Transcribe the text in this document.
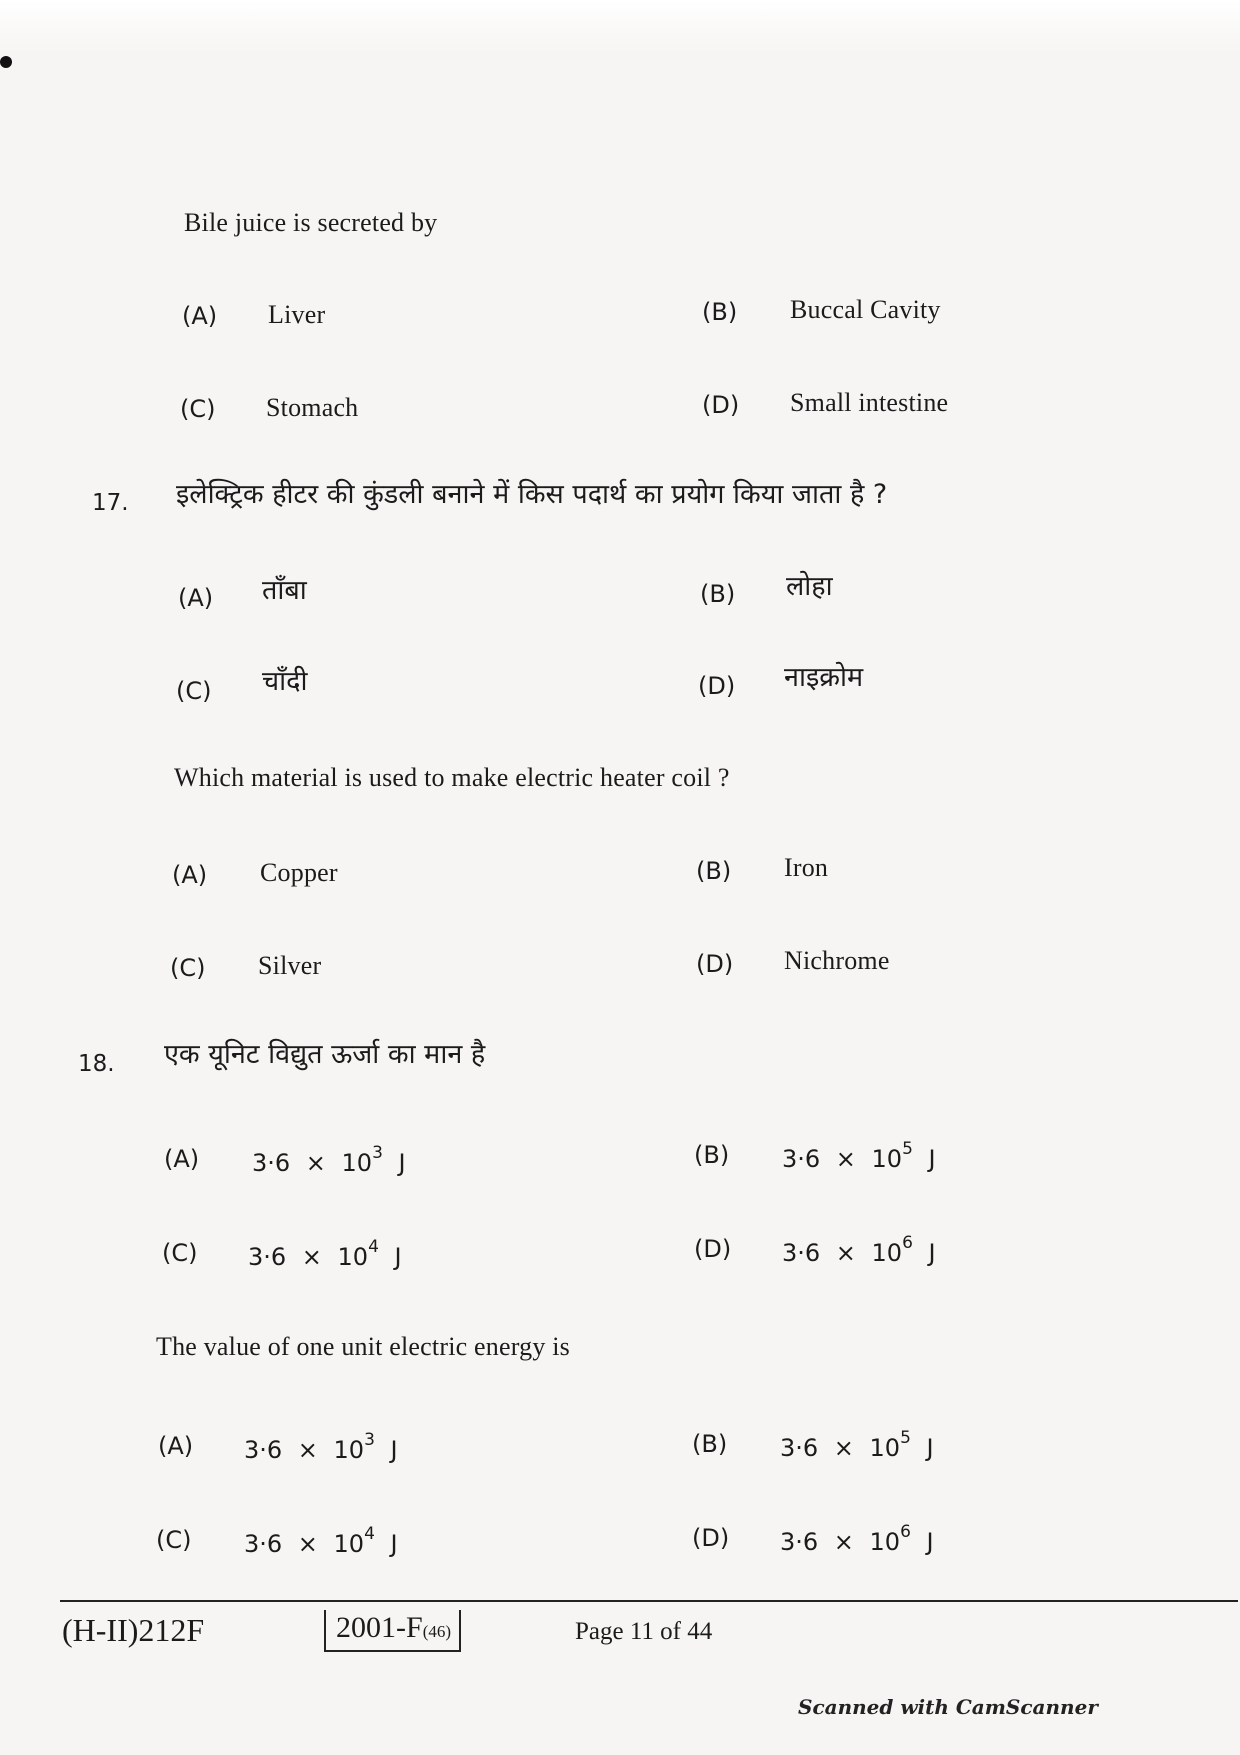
Bile juice is secreted by
(A) Liver	(B) Buccal Cavity
(C) Stomach	(D) Small intestine
17. इलेक्ट्रिक हीटर की कुंडली बनाने में किस पदार्थ का प्रयोग किया जाता है ?
(A) ताँबा	(B) लोहा
(C) चाँदी	(D) नाइक्रोम
Which material is used to make electric heater coil ?
(A) Copper	(B) Iron
(C) Silver	(D) Nichrome
18. एक यूनिट विद्युत ऊर्जा का मान है
(A) $3\cdot 6 \times 10^3$ J	(B) $3\cdot 6 \times 10^5$ J
(C) $3\cdot 6 \times 10^4$ J	(D) $3\cdot 6 \times 10^6$ J
The value of one unit electric energy is
(A) $3\cdot 6 \times 10^3$ J	(B) $3\cdot 6 \times 10^5$ J
(C) $3\cdot 6 \times 10^4$ J	(D) $3\cdot 6 \times 10^6$ J
(H-II)212F	2001-F(46)	Page 11 of 44
Scanned with CamScanner
